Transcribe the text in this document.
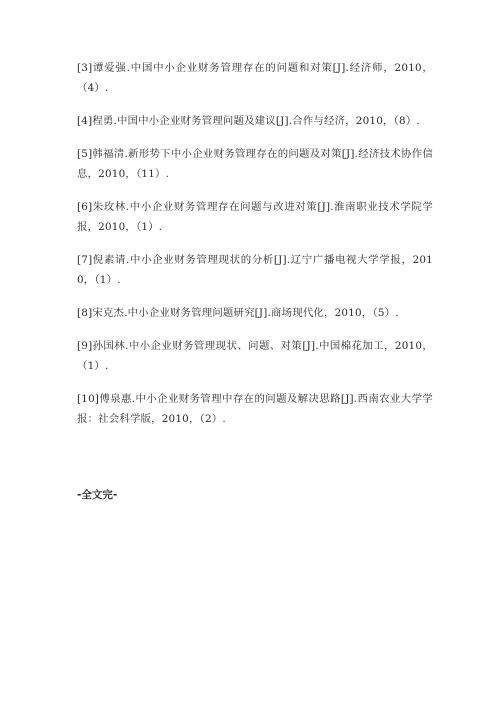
[3]谭爱强.中国中小企业财务管理存在的问题和对策[J].经济师，2010，（4）.
[4]程勇.中国中小企业财务管理问题及建议[J].合作与经济，2010，（8）.
[5]韩福清.新形势下中小企业财务管理存在的问题及对策[J].经济技术协作信息，2010，（11）.
[6]朱玫林.中小企业财务管理存在问题与改进对策[J].淮南职业技术学院学报，2010，（1）.
[7]倪素请.中小企业财务管理现状的分析[J].辽宁广播电视大学学报，2010，（1）.
[8]宋克杰.中小企业财务管理问题研究[J].商场现代化，2010，（5）.
[9]孙国林.中小企业财务管理现状、问题、对策[J].中国棉花加工，2010，（1）.
[10]傅泉惠.中小企业财务管理中存在的问题及解决思路[J].西南农业大学学报：社会科学版，2010，（2）.
-全文完-
